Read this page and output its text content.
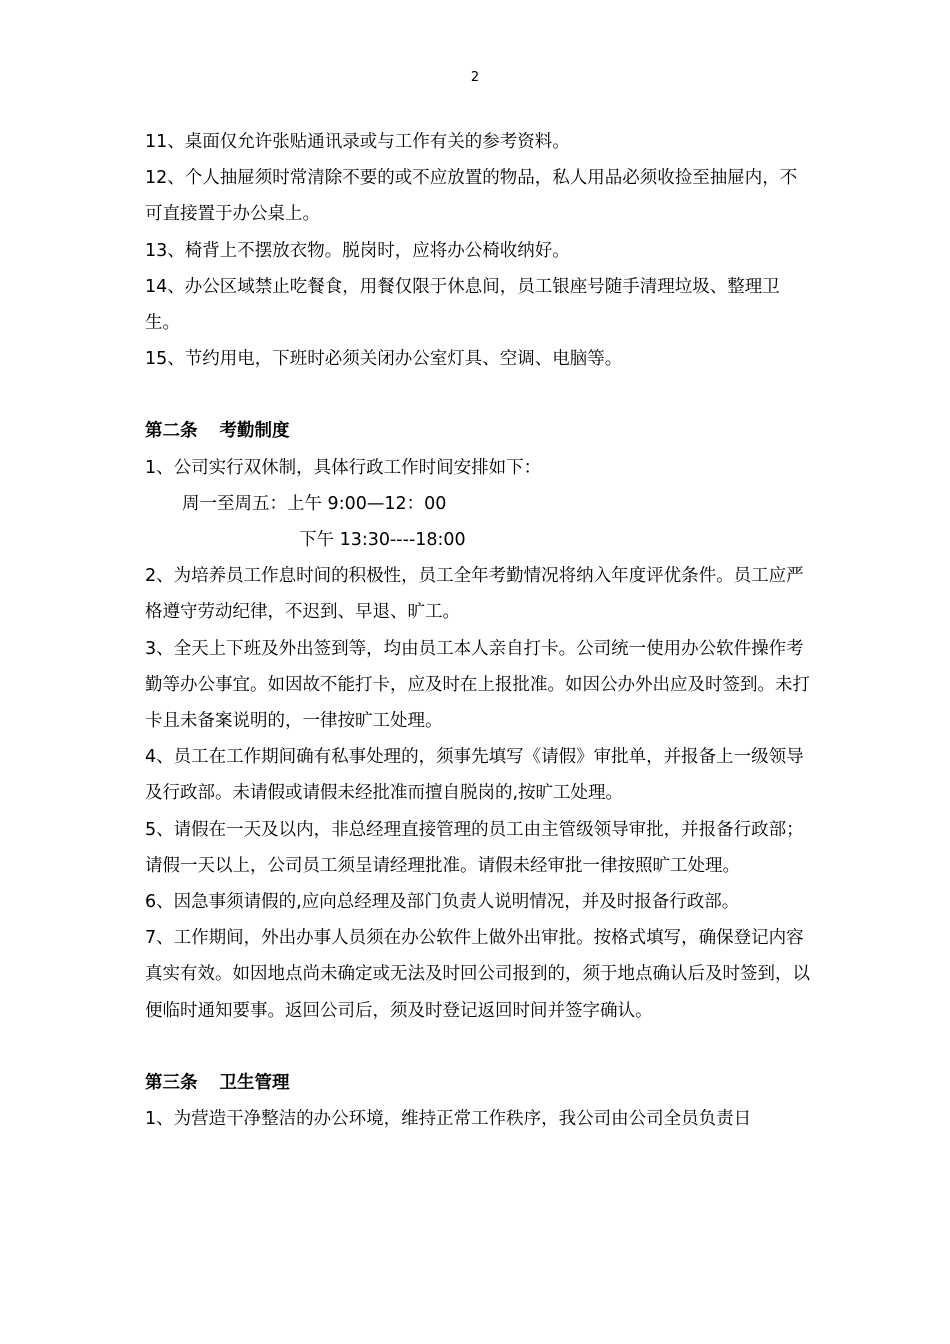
2

11、桌面仅允许张贴通讯录或与工作有关的参考资料。

12、个人抽屉须时常清除不要的或不应放置的物品，私人用品必须收捡至抽屉内，不可直接置于办公桌上。

13、椅背上不摆放衣物。脱岗时，应将办公椅收纳好。

14、办公区域禁止吃餐食，用餐仅限于休息间，员工银座号随手清理垃圾、整理卫生。

15、节约用电，下班时必须关闭办公室灯具、空调、电脑等。

第二条 考勤制度

1、公司实行双休制，具体行政工作时间安排如下：

周一至周五：上午 9:00—12：00

下午 13:30----18:00

2、为培养员工作息时间的积极性，员工全年考勤情况将纳入年度评优条件。员工应严格遵守劳动纪律，不迟到、早退、旷工。

3、全天上下班及外出签到等，均由员工本人亲自打卡。公司统一使用办公软件操作考勤等办公事宜。如因故不能打卡，应及时在上报批准。如因公办外出应及时签到。未打卡且未备案说明的，一律按旷工处理。

4、员工在工作期间确有私事处理的，须事先填写《请假》审批单，并报备上一级领导及行政部。未请假或请假未经批准而擅自脱岗的,按旷工处理。

5、请假在一天及以内，非总经理直接管理的员工由主管级领导审批，并报备行政部；请假一天以上，公司员工须呈请经理批准。请假未经审批一律按照旷工处理。

6、因急事须请假的,应向总经理及部门负责人说明情况，并及时报备行政部。

7、工作期间，外出办事人员须在办公软件上做外出审批。按格式填写，确保登记内容真实有效。如因地点尚未确定或无法及时回公司报到的，须于地点确认后及时签到，以便临时通知要事。返回公司后，须及时登记返回时间并签字确认。

第三条 卫生管理

1、为营造干净整洁的办公环境，维持正常工作秩序，我公司由公司全员负责日
